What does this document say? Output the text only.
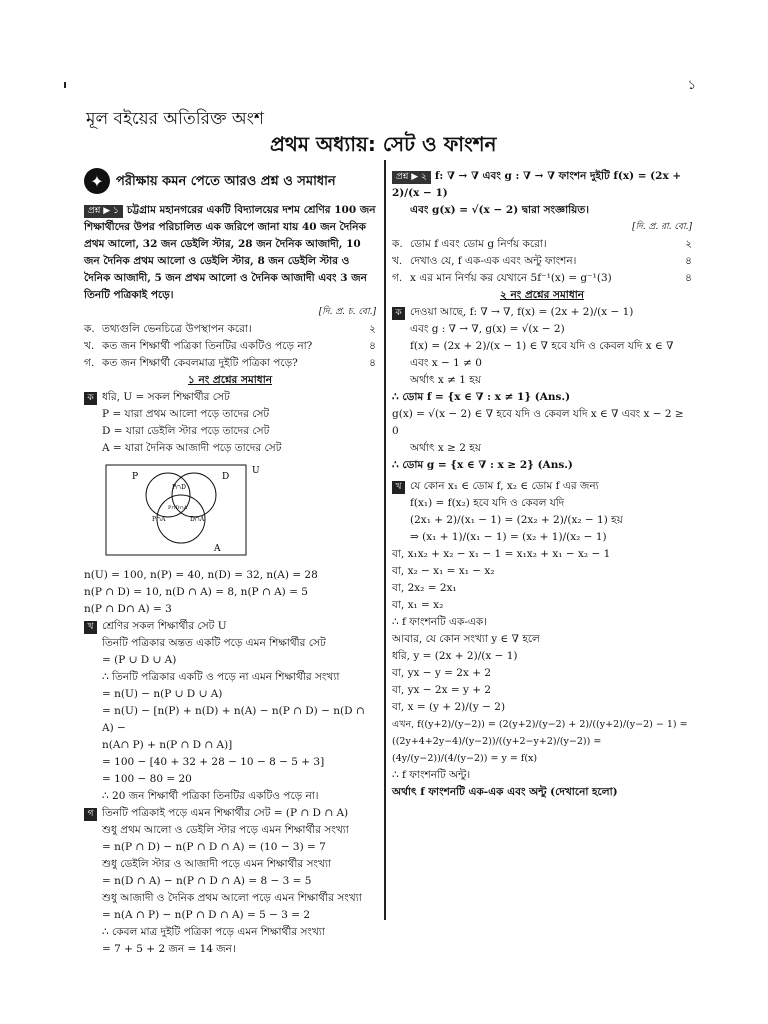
১
মূল বইয়ের অতিরিক্ত অংশ
প্রথম অধ্যায়: সেট ও ফাংশন
✦ পরীক্ষায় কমন পেতে আরও প্রশ্ন ও সমাধান
প্রশ্ন ▶ ১ চট্টগ্রাম মহানগরের একটি বিদ্যালয়ের দশম শ্রেণির 100 জন শিক্ষার্থীদের উপর পরিচালিত এক জরিপে জানা যায় 40 জন দৈনিক প্রথম আলো, 32 জন ডেইলি স্টার, 28 জন দৈনিক আজাদী, 10 জন দৈনিক প্রথম আলো ও ডেইলি স্টার, 8 জন ডেইলি স্টার ও দৈনিক আজাদী, 5 জন প্রথম আলো ও দৈনিক আজাদী এবং 3 জন তিনটি পত্রিকাই পড়ে।
[দি. প্র. চ. বো.]
ক. তথ্যগুলি ভেনচিত্রে উপস্থাপন করো।	২
খ. কত জন শিক্ষার্থী পত্রিকা তিনটির একটিও পড়ে না?	৪
গ. কত জন শিক্ষার্থী কেবলমাত্র দুইটি পত্রিকা পড়ে?	৪
১ নং প্রশ্নের সমাধান
ক ধরি, U = সকল শিক্ষার্থীর সেট
P = যারা প্রথম আলো পড়ে তাদের সেট
D = যারা ডেইলি স্টার পড়ে তাদের সেট
A = যারা দৈনিক আজাদী পড়ে তাদের সেট
P	D
U
A
P∩D
P∩D∩A
P∩A	D∩A
n(U) = 100, n(P) = 40, n(D) = 32, n(A) = 28
n(P ∩ D) = 10, n(D ∩ A) = 8, n(P ∩ A) = 5
n(P ∩ D∩ A) = 3
খ শ্রেণির সকল শিক্ষার্থীর সেট U
তিনটি পত্রিকার অন্তত একটি পড়ে এমন শিক্ষার্থীর সেট
= (P ∪ D ∪ A)
∴ তিনটি পত্রিকার একটি ও পড়ে না এমন শিক্ষার্থীর সংখ্যা
= n(U) − n(P ∪ D ∪ A)
= n(U) − [n(P) + n(D) + n(A) − n(P ∩ D) − n(D ∩ A) −
n(A∩ P) + n(P ∩ D ∩ A)]
= 100 − [40 + 32 + 28 − 10 − 8 − 5 + 3]
= 100 − 80 = 20
∴ 20 জন শিক্ষার্থী পত্রিকা তিনটির একটিও পড়ে না।
গ তিনটি পত্রিকাই পড়ে এমন শিক্ষার্থীর সেট = (P ∩ D ∩ A)
শুধু প্রথম আলো ও ডেইলি স্টার পড়ে এমন শিক্ষার্থীর সংখ্যা
= n(P ∩ D) − n(P ∩ D ∩ A) = (10 − 3) = 7
শুধু ডেইলি স্টার ও আজাদী পড়ে এমন শিক্ষার্থীর সংখ্যা
= n(D ∩ A) − n(P ∩ D ∩ A) = 8 − 3 = 5
শুধু আজাদী ও দৈনিক প্রথম আলো পড়ে এমন শিক্ষার্থীর সংখ্যা
= n(A ∩ P) − n(P ∩ D ∩ A) = 5 − 3 = 2
∴ কেবল মাত্র দুইটি পত্রিকা পড়ে এমন শিক্ষার্থীর সংখ্যা
= 7 + 5 + 2 জন = 14 জন।
প্রশ্ন ▶ ২ f: ∇ → ∇ এবং g : ∇ → ∇ ফাংশন দুইটি f(x) = (2x + 2)/(x − 1)
এবং g(x) = √(x − 2) দ্বারা সংজ্ঞায়িত।
[দি. প্র. রা. বো.]
ক. ডোম f এবং ডোম g নির্ণয় করো।	২
খ. দেখাও যে, f এক-এক এবং অন্টু ফাংশন।	৪
গ. x এর মান নির্ণয় কর যেখানে 5f⁻¹(x) = g⁻¹(3)	৪
২ নং প্রশ্নের সমাধান
ক দেওয়া আছে, f: ∇ → ∇, f(x) = (2x + 2)/(x − 1)
এবং g : ∇ → ∇, g(x) = √(x − 2)
f(x) = (2x + 2)/(x − 1) ∈ ∇ হবে যদি ও কেবল যদি x ∈ ∇ এবং x − 1 ≠ 0
অর্থাৎ x ≠ 1 হয়
∴ ডোম f = {x ∈ ∇ : x ≠ 1} (Ans.)
g(x) = √(x − 2) ∈ ∇ হবে যদি ও কেবল যদি x ∈ ∇ এবং x − 2 ≥ 0
অর্থাৎ x ≥ 2 হয়
∴ ডোম g = {x ∈ ∇ : x ≥ 2} (Ans.)
খ যে কোন x₁ ∈ ডোম f, x₂ ∈ ডোম f এর জন্য
f(x₁) = f(x₂) হবে যদি ও কেবল যদি
(2x₁ + 2)/(x₁ − 1) = (2x₂ + 2)/(x₂ − 1) হয়
⇒ (x₁ + 1)/(x₁ − 1) = (x₂ + 1)/(x₂ − 1)
বা, x₁x₂ + x₂ − x₁ − 1 = x₁x₂ + x₁ − x₂ − 1
বা, x₂ − x₁ = x₁ − x₂
বা, 2x₂ = 2x₁
বা, x₁ = x₂
∴ f ফাংশনটি এক-এক।
আবার, যে কোন সংখ্যা y ∈ ∇ হলে
ধরি, y = (2x + 2)/(x − 1)
বা, yx − y = 2x + 2
বা, yx − 2x = y + 2
বা, x = (y + 2)/(y − 2)
এখন, f((y+2)/(y−2)) = (2(y+2)/(y−2) + 2)/((y+2)/(y−2) − 1) = ((2y+4+2y−4)/(y−2))/((y+2−y+2)/(y−2)) = (4y/(y−2))/(4/(y−2)) = y = f(x)
∴ f ফাংশনটি অন্টু।
অর্থাৎ f ফাংশনটি এক-এক এবং অন্টু (দেখানো হলো)
